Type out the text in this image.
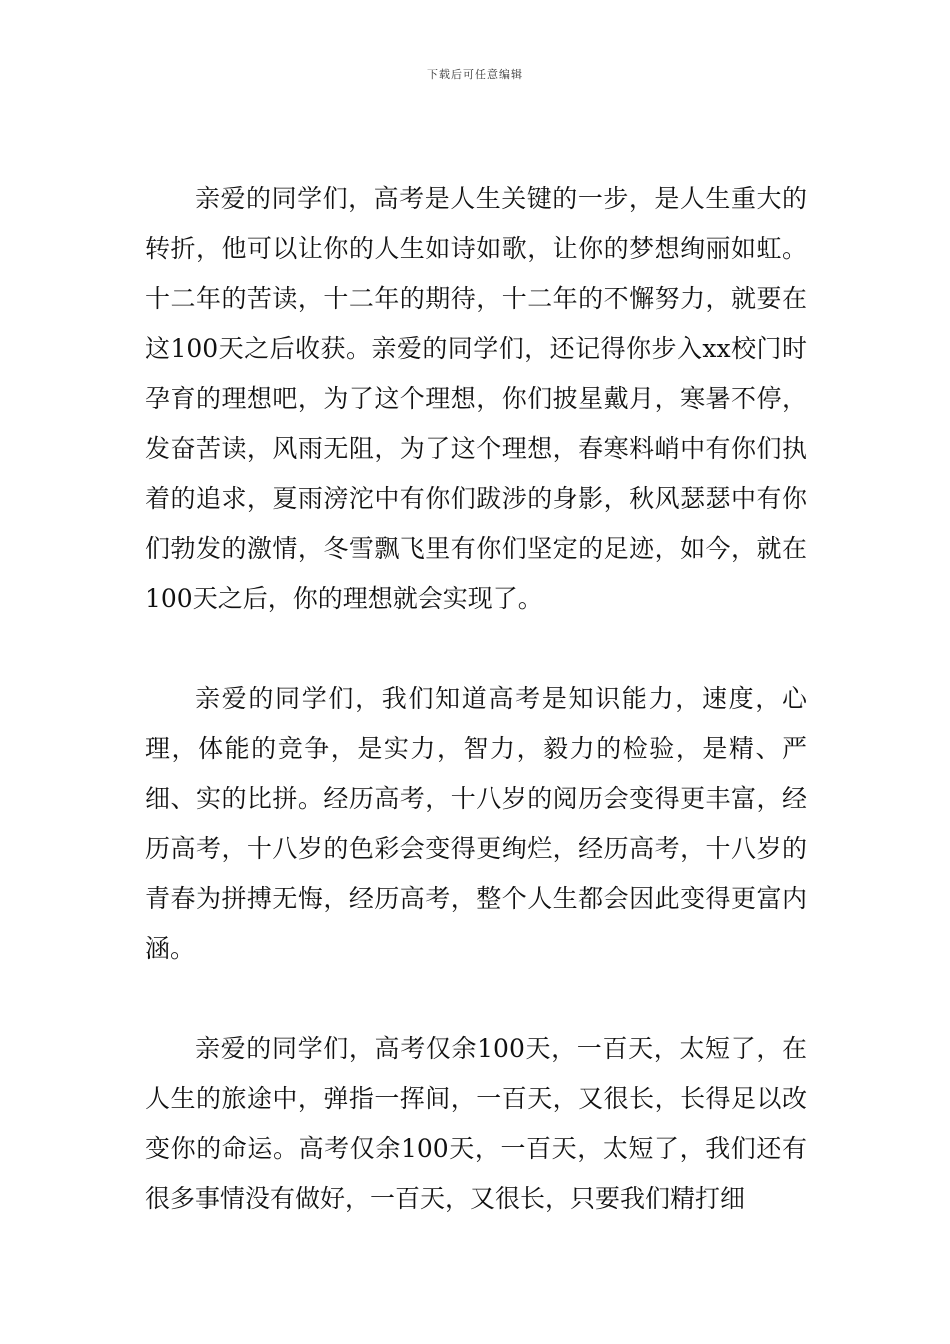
下载后可任意编辑

亲爱的同学们，高考是人生关键的一步，是人生重大的转折，他可以让你的人生如诗如歌，让你的梦想绚丽如虹。十二年的苦读，十二年的期待，十二年的不懈努力，就要在这100天之后收获。亲爱的同学们，还记得你步入xx校门时孕育的理想吧，为了这个理想，你们披星戴月，寒暑不停，发奋苦读，风雨无阻，为了这个理想，春寒料峭中有你们执着的追求，夏雨滂沱中有你们跋涉的身影，秋风瑟瑟中有你们勃发的激情，冬雪飘飞里有你们坚定的足迹，如今，就在100天之后，你的理想就会实现了。

亲爱的同学们，我们知道高考是知识能力，速度，心理，体能的竞争，是实力，智力，毅力的检验，是精、严细、实的比拼。经历高考，十八岁的阅历会变得更丰富，经历高考，十八岁的色彩会变得更绚烂，经历高考，十八岁的青春为拼搏无悔，经历高考，整个人生都会因此变得更富内涵。

亲爱的同学们，高考仅余100天，一百天，太短了，在人生的旅途中，弹指一挥间，一百天，又很长，长得足以改变你的命运。高考仅余100天，一百天，太短了，我们还有很多事情没有做好，一百天，又很长，只要我们精打细
